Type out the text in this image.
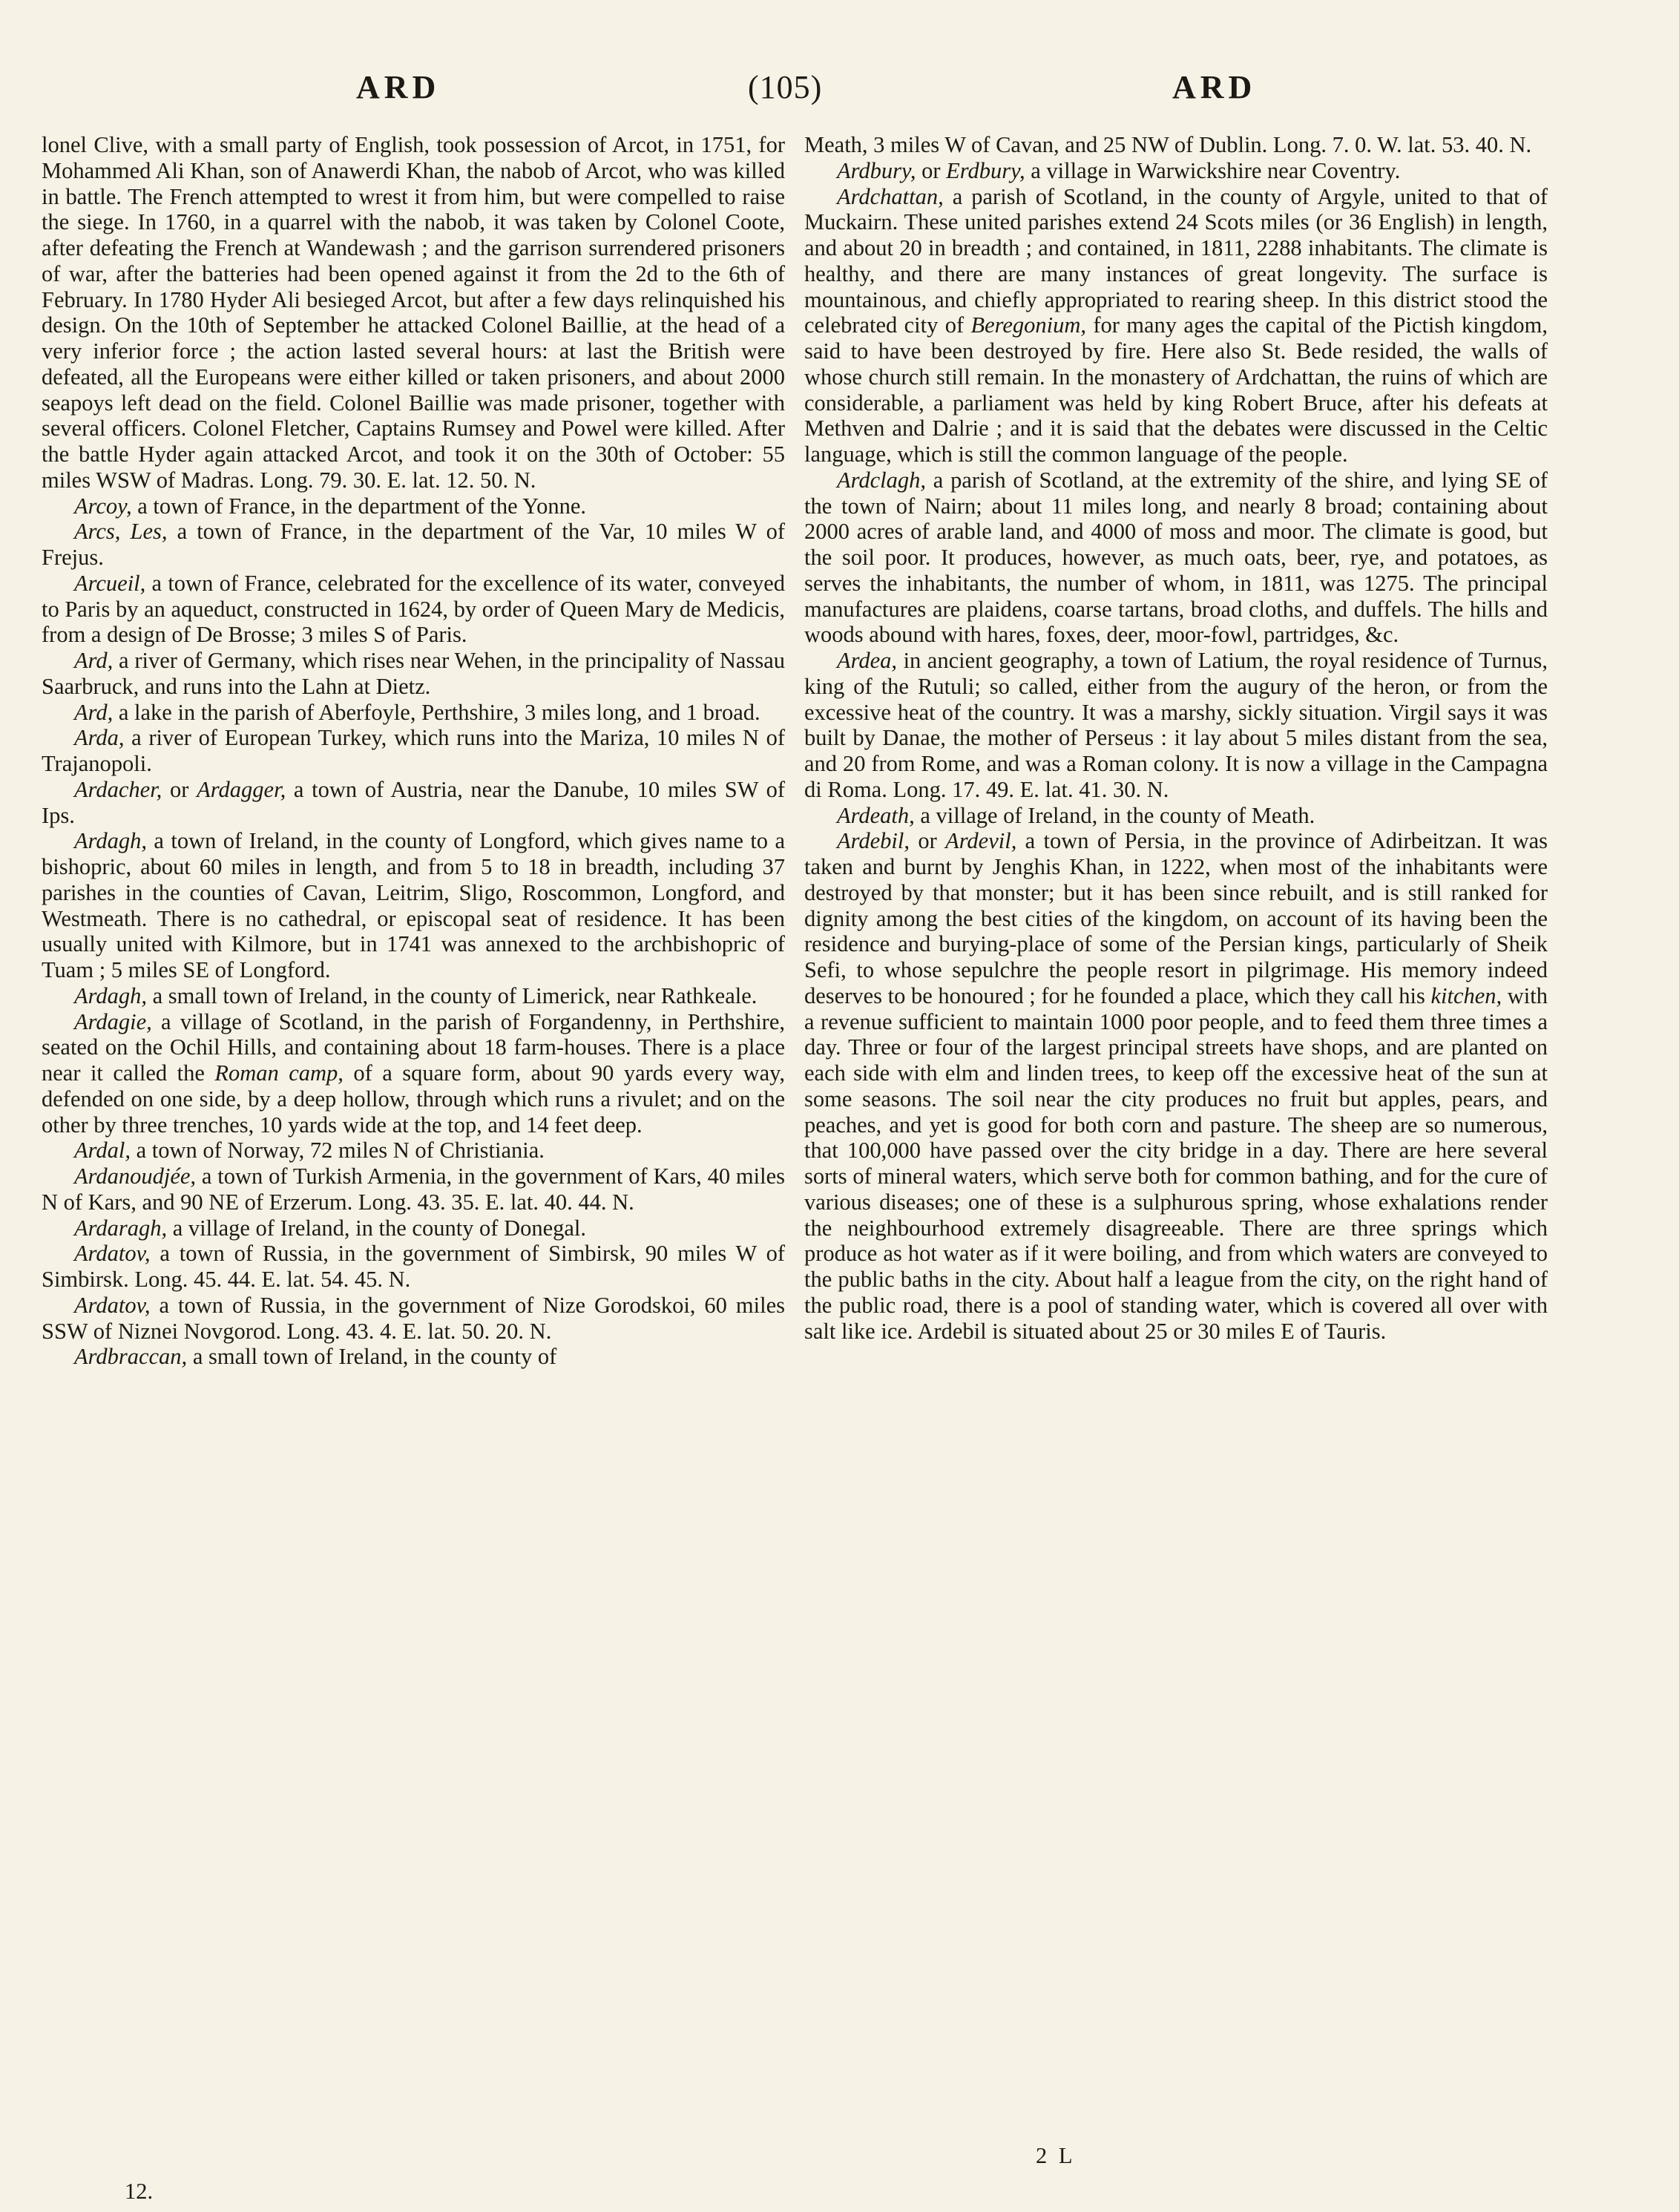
ARD	(105)	ARD

lonel Clive, with a small party of English, took possession of Arcot, in 1751, for Mohammed Ali Khan, son of Anawerdi Khan, the nabob of Arcot, who was killed in battle. The French attempted to wrest it from him, but were compelled to raise the siege. In 1760, in a quarrel with the nabob, it was taken by Colonel Coote, after defeating the French at Wandewash ; and the garrison surrendered prisoners of war, after the batteries had been opened against it from the 2d to the 6th of February. In 1780 Hyder Ali besieged Arcot, but after a few days relinquished his design. On the 10th of September he attacked Colonel Baillie, at the head of a very inferior force ; the action lasted several hours: at last the British were defeated, all the Europeans were either killed or taken prisoners, and about 2000 seapoys left dead on the field. Colonel Baillie was made prisoner, together with several officers. Colonel Fletcher, Captains Rumsey and Powel were killed. After the battle Hyder again attacked Arcot, and took it on the 30th of October: 55 miles WSW of Madras. Long. 79. 30. E. lat. 12. 50. N.

Arcoy, a town of France, in the department of the Yonne.

Arcs, Les, a town of France, in the department of the Var, 10 miles W of Frejus.

Arcueil, a town of France, celebrated for the excellence of its water, conveyed to Paris by an aqueduct, constructed in 1624, by order of Queen Mary de Medicis, from a design of De Brosse; 3 miles S of Paris.

Ard, a river of Germany, which rises near Wehen, in the principality of Nassau Saarbruck, and runs into the Lahn at Dietz.

Ard, a lake in the parish of Aberfoyle, Perthshire, 3 miles long, and 1 broad.

Arda, a river of European Turkey, which runs into the Mariza, 10 miles N of Trajanopoli.

Ardacher, or Ardagger, a town of Austria, near the Danube, 10 miles SW of Ips.

Ardagh, a town of Ireland, in the county of Longford, which gives name to a bishopric, about 60 miles in length, and from 5 to 18 in breadth, including 37 parishes in the counties of Cavan, Leitrim, Sligo, Roscommon, Longford, and Westmeath. There is no cathedral, or episcopal seat of residence. It has been usually united with Kilmore, but in 1741 was annexed to the archbishopric of Tuam ; 5 miles SE of Longford.

Ardagh, a small town of Ireland, in the county of Limerick, near Rathkeale.

Ardagie, a village of Scotland, in the parish of Forgandenny, in Perthshire, seated on the Ochil Hills, and containing about 18 farm-houses. There is a place near it called the Roman camp, of a square form, about 90 yards every way, defended on one side, by a deep hollow, through which runs a rivulet; and on the other by three trenches, 10 yards wide at the top, and 14 feet deep.

Ardal, a town of Norway, 72 miles N of Christiania.

Ardanoudjée, a town of Turkish Armenia, in the government of Kars, 40 miles N of Kars, and 90 NE of Erzerum. Long. 43. 35. E. lat. 40. 44. N.

Ardaragh, a village of Ireland, in the county of Donegal.

Ardatov, a town of Russia, in the government of Simbirsk, 90 miles W of Simbirsk. Long. 45. 44. E. lat. 54. 45. N.

Ardatov, a town of Russia, in the government of Nize Gorodskoi, 60 miles SSW of Niznei Novgorod. Long. 43. 4. E. lat. 50. 20. N.

Ardbraccan, a small town of Ireland, in the county of

Meath, 3 miles W of Cavan, and 25 NW of Dublin. Long. 7. 0. W. lat. 53. 40. N.

Ardbury, or Erdbury, a village in Warwickshire near Coventry.

Ardchattan, a parish of Scotland, in the county of Argyle, united to that of Muckairn. These united parishes extend 24 Scots miles (or 36 English) in length, and about 20 in breadth ; and contained, in 1811, 2288 inhabitants. The climate is healthy, and there are many instances of great longevity. The surface is mountainous, and chiefly appropriated to rearing sheep. In this district stood the celebrated city of Beregonium, for many ages the capital of the Pictish kingdom, said to have been destroyed by fire. Here also St. Bede resided, the walls of whose church still remain. In the monastery of Ardchattan, the ruins of which are considerable, a parliament was held by king Robert Bruce, after his defeats at Methven and Dalrie ; and it is said that the debates were discussed in the Celtic language, which is still the common language of the people.

Ardclagh, a parish of Scotland, at the extremity of the shire, and lying SE of the town of Nairn; about 11 miles long, and nearly 8 broad; containing about 2000 acres of arable land, and 4000 of moss and moor. The climate is good, but the soil poor. It produces, however, as much oats, beer, rye, and potatoes, as serves the inhabitants, the number of whom, in 1811, was 1275. The principal manufactures are plaidens, coarse tartans, broad cloths, and duffels. The hills and woods abound with hares, foxes, deer, moor-fowl, partridges, &c.

Ardea, in ancient geography, a town of Latium, the royal residence of Turnus, king of the Rutuli; so called, either from the augury of the heron, or from the excessive heat of the country. It was a marshy, sickly situation. Virgil says it was built by Danae, the mother of Perseus : it lay about 5 miles distant from the sea, and 20 from Rome, and was a Roman colony. It is now a village in the Campagna di Roma. Long. 17. 49. E. lat. 41. 30. N.

Ardeath, a village of Ireland, in the county of Meath.

Ardebil, or Ardevil, a town of Persia, in the province of Adirbeitzan. It was taken and burnt by Jenghis Khan, in 1222, when most of the inhabitants were destroyed by that monster; but it has been since rebuilt, and is still ranked for dignity among the best cities of the kingdom, on account of its having been the residence and burying-place of some of the Persian kings, particularly of Sheik Sefi, to whose sepulchre the people resort in pilgrimage. His memory indeed deserves to be honoured ; for he founded a place, which they call his kitchen, with a revenue sufficient to maintain 1000 poor people, and to feed them three times a day. Three or four of the largest principal streets have shops, and are planted on each side with elm and linden trees, to keep off the excessive heat of the sun at some seasons. The soil near the city produces no fruit but apples, pears, and peaches, and yet is good for both corn and pasture. The sheep are so numerous, that 100,000 have passed over the city bridge in a day. There are here several sorts of mineral waters, which serve both for common bathing, and for the cure of various diseases; one of these is a sulphurous spring, whose exhalations render the neighbourhood extremely disagreeable. There are three springs which produce as hot water as if it were boiling, and from which waters are conveyed to the public baths in the city. About half a league from the city, on the right hand of the public road, there is a pool of standing water, which is covered all over with salt like ice. Ardebil is situated about 25 or 30 miles E of Tauris.

12.
2 L
